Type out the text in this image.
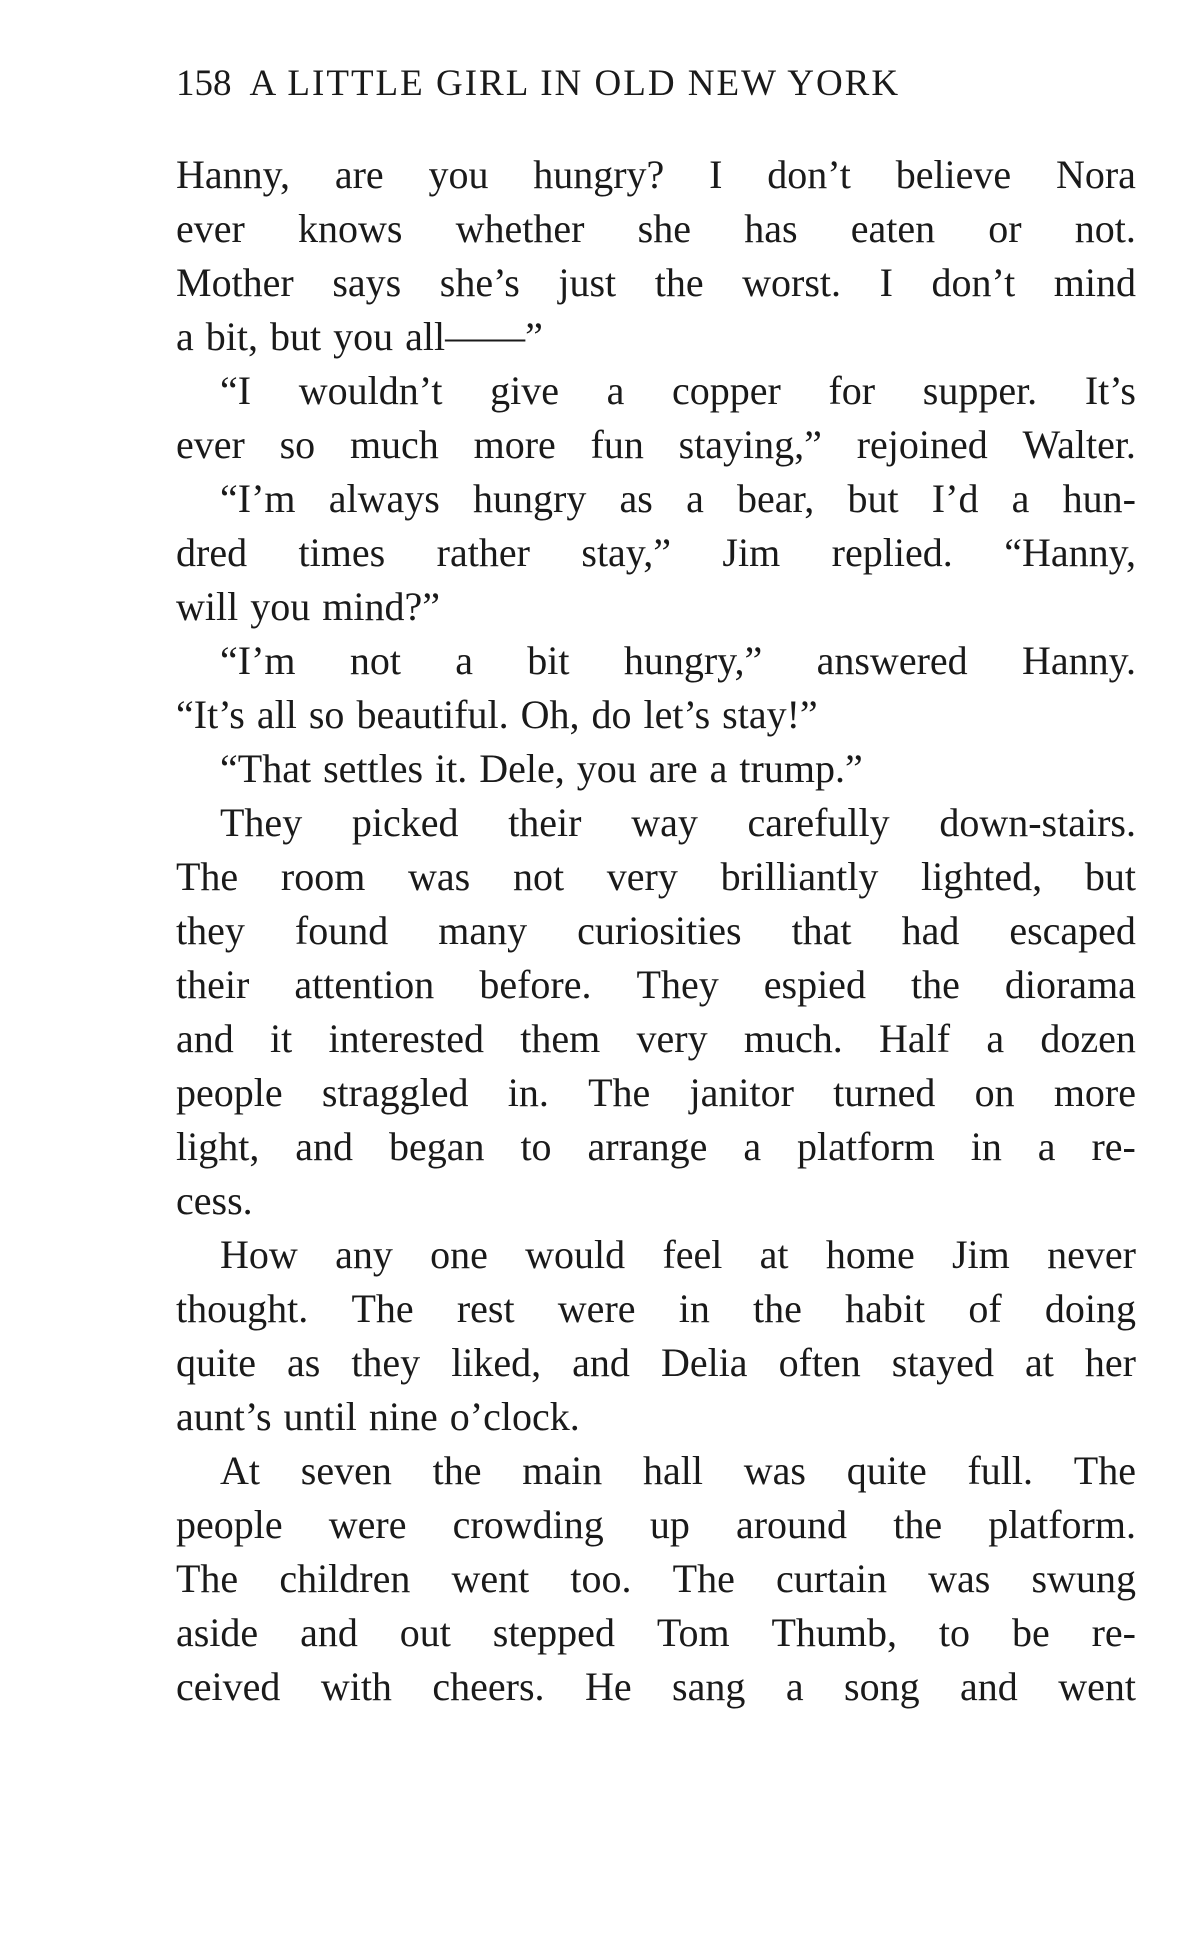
158 A LITTLE GIRL IN OLD NEW YORK
Hanny, are you hungry? I don’t believe Nora
ever knows whether she has eaten or not.
Mother says she’s just the worst. I don’t mind
a bit, but you all——”
“I wouldn’t give a copper for supper. It’s
ever so much more fun staying,” rejoined Walter.
“I’m always hungry as a bear, but I’d a hun-
dred times rather stay,” Jim replied. “Hanny,
will you mind?”
“I’m not a bit hungry,” answered Hanny.
“It’s all so beautiful. Oh, do let’s stay!”
“That settles it. Dele, you are a trump.”
They picked their way carefully down-stairs.
The room was not very brilliantly lighted, but
they found many curiosities that had escaped
their attention before. They espied the diorama
and it interested them very much. Half a dozen
people straggled in. The janitor turned on more
light, and began to arrange a platform in a re-
cess.
How any one would feel at home Jim never
thought. The rest were in the habit of doing
quite as they liked, and Delia often stayed at her
aunt’s until nine o’clock.
At seven the main hall was quite full. The
people were crowding up around the platform.
The children went too. The curtain was swung
aside and out stepped Tom Thumb, to be re-
ceived with cheers. He sang a song and went
